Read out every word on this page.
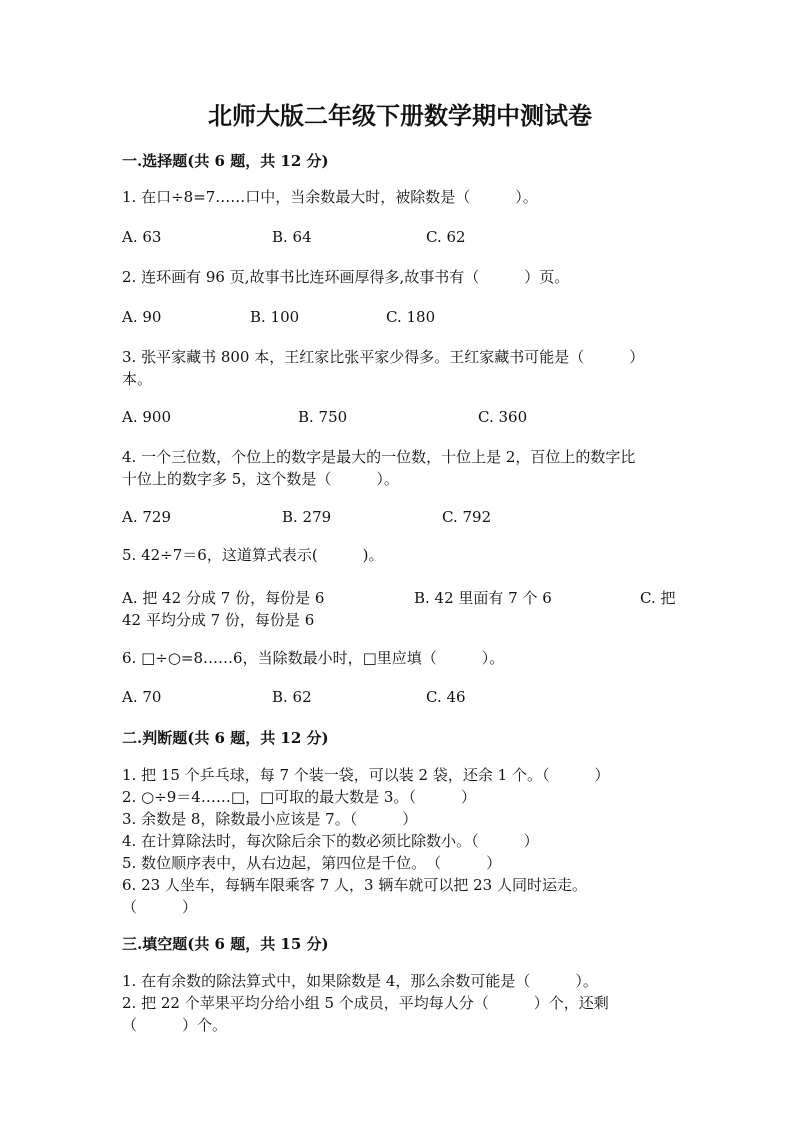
北师大版二年级下册数学期中测试卷
一.选择题(共 6 题，共 12 分)
1. 在口÷8=7……口中，当余数最大时，被除数是（　　　）。
A. 63	B. 64	C. 62
2. 连环画有 96 页,故事书比连环画厚得多,故事书有（　　　）页。
A. 90	B. 100	C. 180
3. 张平家藏书 800 本，王红家比张平家少得多。王红家藏书可能是（　　　）
本。
A. 900	B. 750	C. 360
4. 一个三位数，个位上的数字是最大的一位数，十位上是 2，百位上的数字比
十位上的数字多 5，这个数是（　　　）。
A. 729	B. 279	C. 792
5. 42÷7＝6，这道算式表示(　　　)。
A. 把 42 分成 7 份，每份是 6	B. 42 里面有 7 个 6	C. 把
42 平均分成 7 份，每份是 6
6. □÷○=8……6，当除数最小时，□里应填（　　　）。
A. 70	B. 62	C. 46
二.判断题(共 6 题，共 12 分)
1. 把 15 个乒乓球，每 7 个装一袋，可以装 2 袋，还余 1 个。（　　　）
2. ○÷9＝4……□，□可取的最大数是 3。（　　　）
3. 余数是 8，除数最小应该是 7。（　　　）
4. 在计算除法时，每次除后余下的数必须比除数小。（　　　）
5. 数位顺序表中，从右边起，第四位是千位。　（　　　）
6. 23 人坐车，每辆车限乘客 7 人，3 辆车就可以把 23 人同时运走。
（　　　）
三.填空题(共 6 题，共 15 分)
1. 在有余数的除法算式中，如果除数是 4，那么余数可能是（　　　）。
2. 把 22 个苹果平均分给小组 5 个成员，平均每人分（　　　）个，还剩
（　　　）个。
